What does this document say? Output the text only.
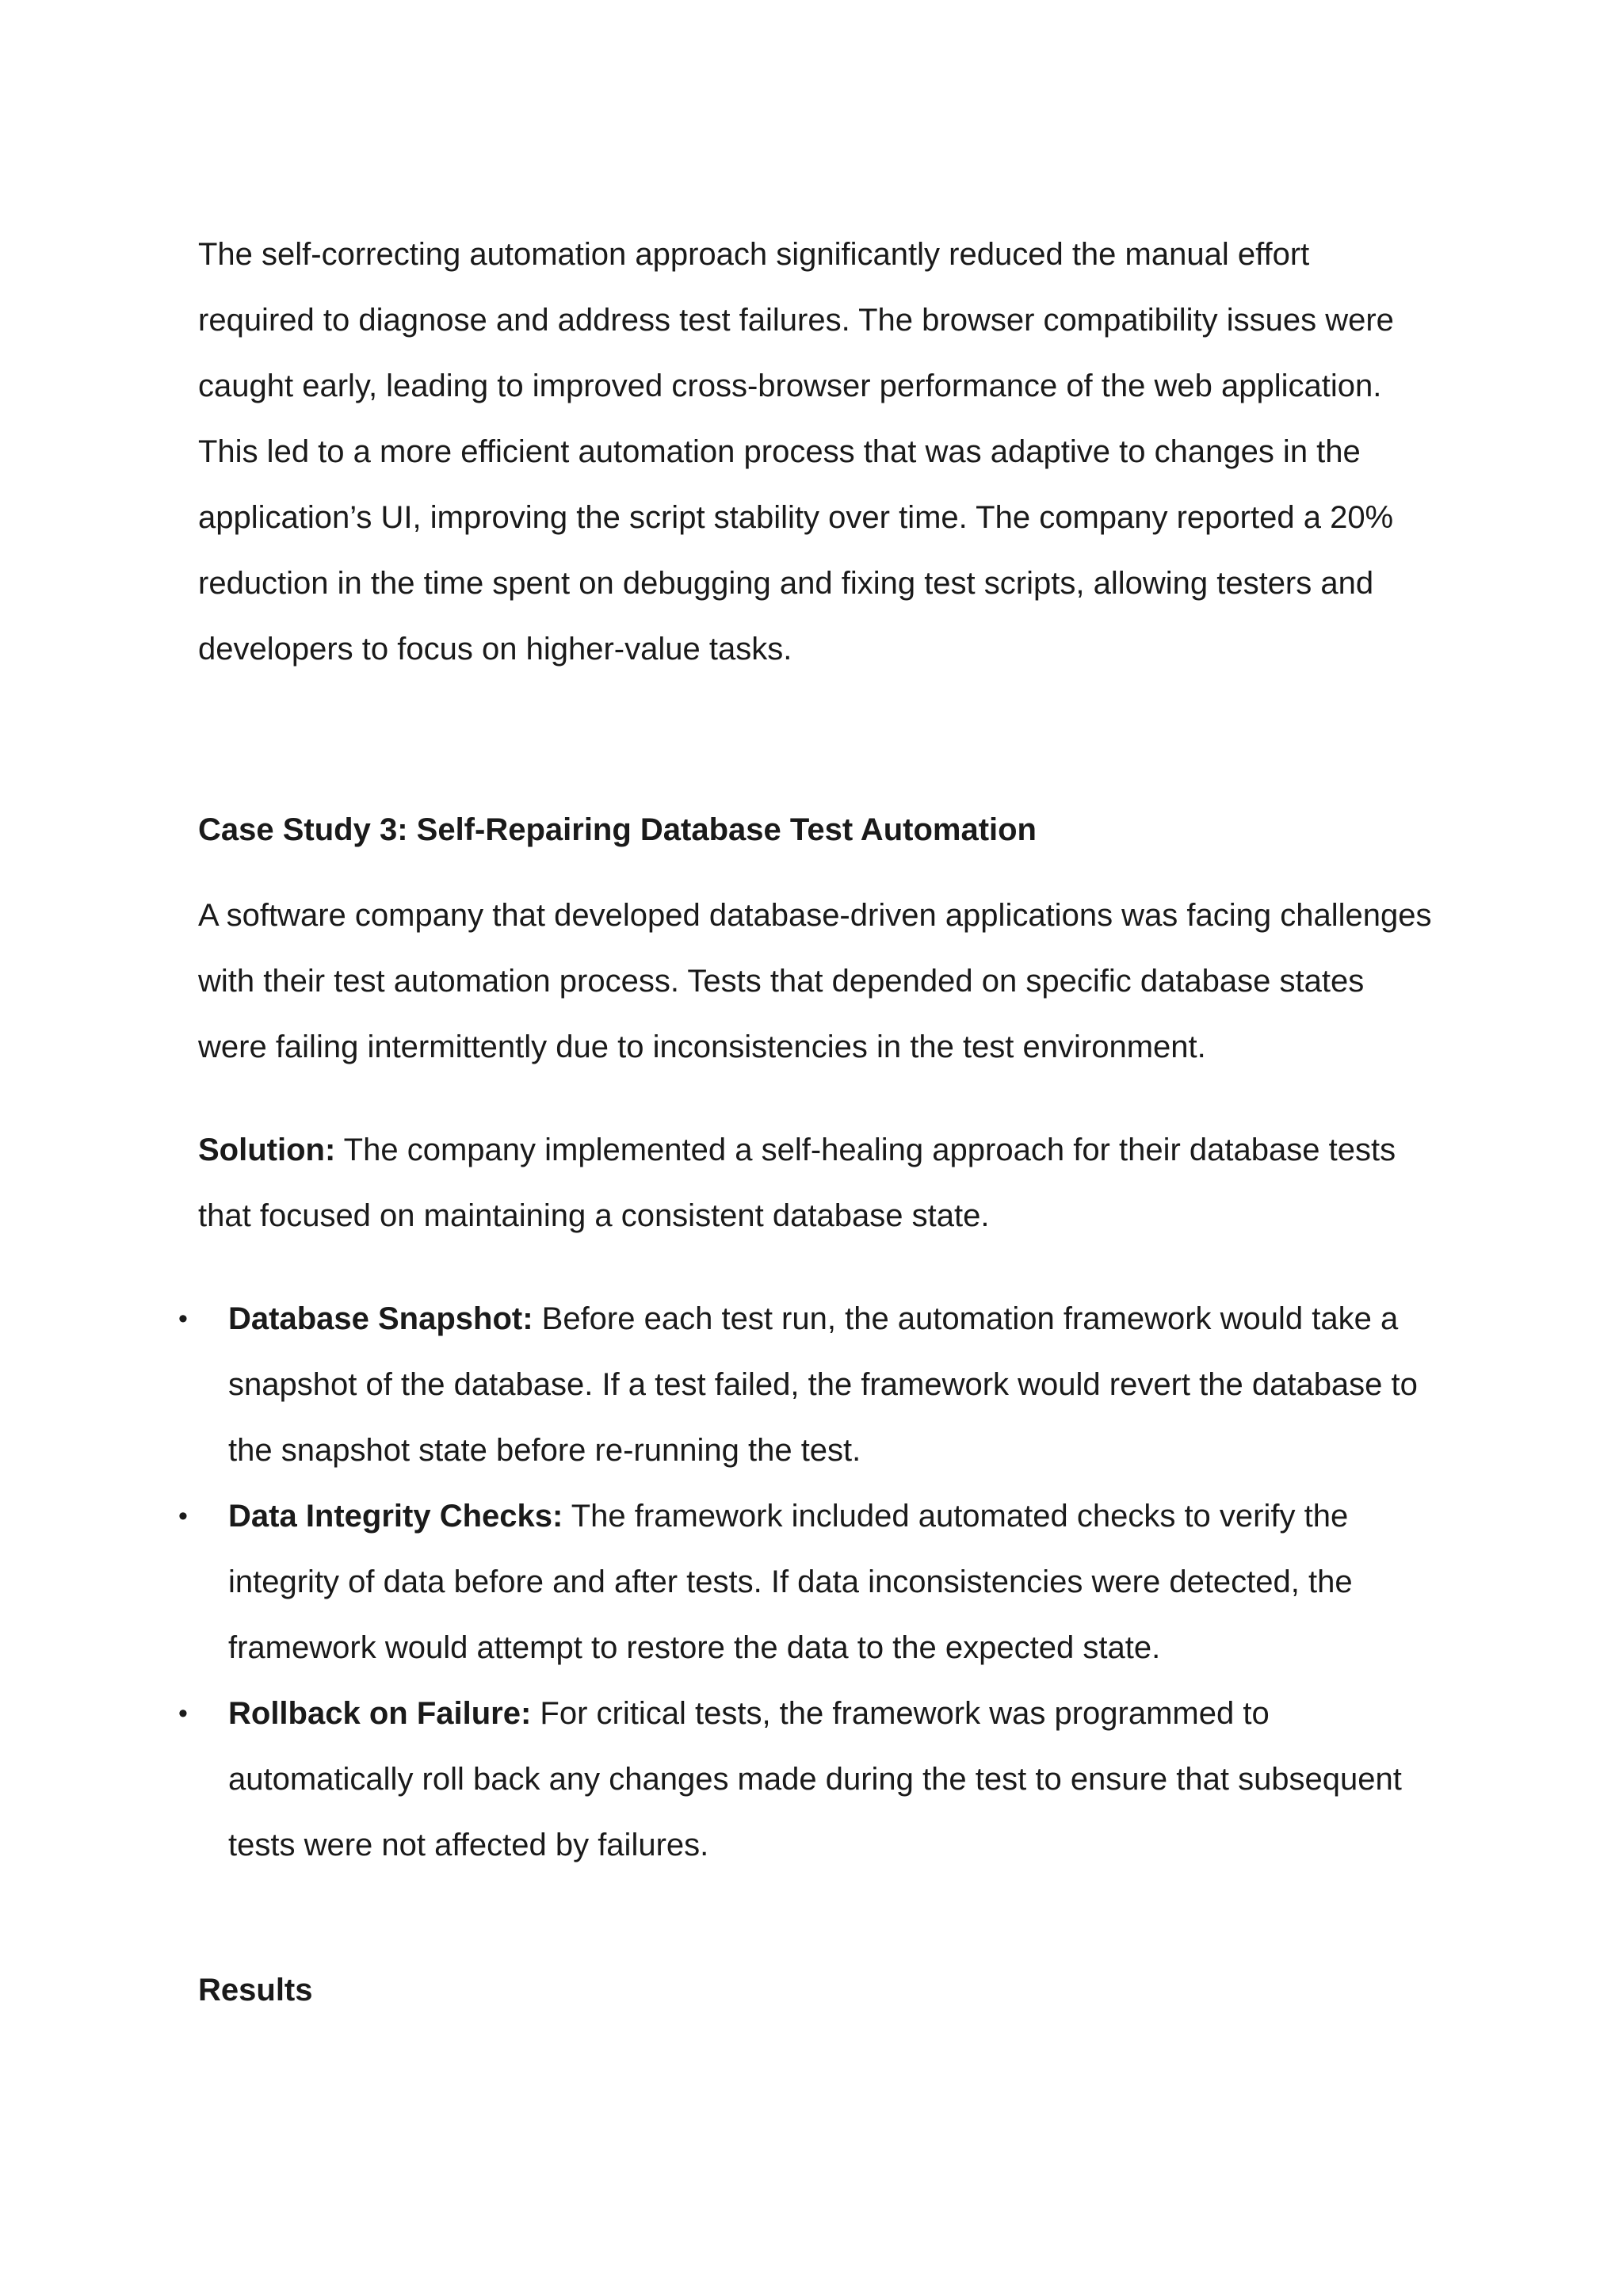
The self-correcting automation approach significantly reduced the manual effort required to diagnose and address test failures. The browser compatibility issues were caught early, leading to improved cross-browser performance of the web application. This led to a more efficient automation process that was adaptive to changes in the application’s UI, improving the script stability over time. The company reported a 20% reduction in the time spent on debugging and fixing test scripts, allowing testers and developers to focus on higher-value tasks.

Case Study 3: Self-Repairing Database Test Automation

A software company that developed database-driven applications was facing challenges with their test automation process. Tests that depended on specific database states were failing intermittently due to inconsistencies in the test environment.

Solution: The company implemented a self-healing approach for their database tests that focused on maintaining a consistent database state.

• Database Snapshot: Before each test run, the automation framework would take a snapshot of the database. If a test failed, the framework would revert the database to the snapshot state before re-running the test.
• Data Integrity Checks: The framework included automated checks to verify the integrity of data before and after tests. If data inconsistencies were detected, the framework would attempt to restore the data to the expected state.
• Rollback on Failure: For critical tests, the framework was programmed to automatically roll back any changes made during the test to ensure that subsequent tests were not affected by failures.

Results
